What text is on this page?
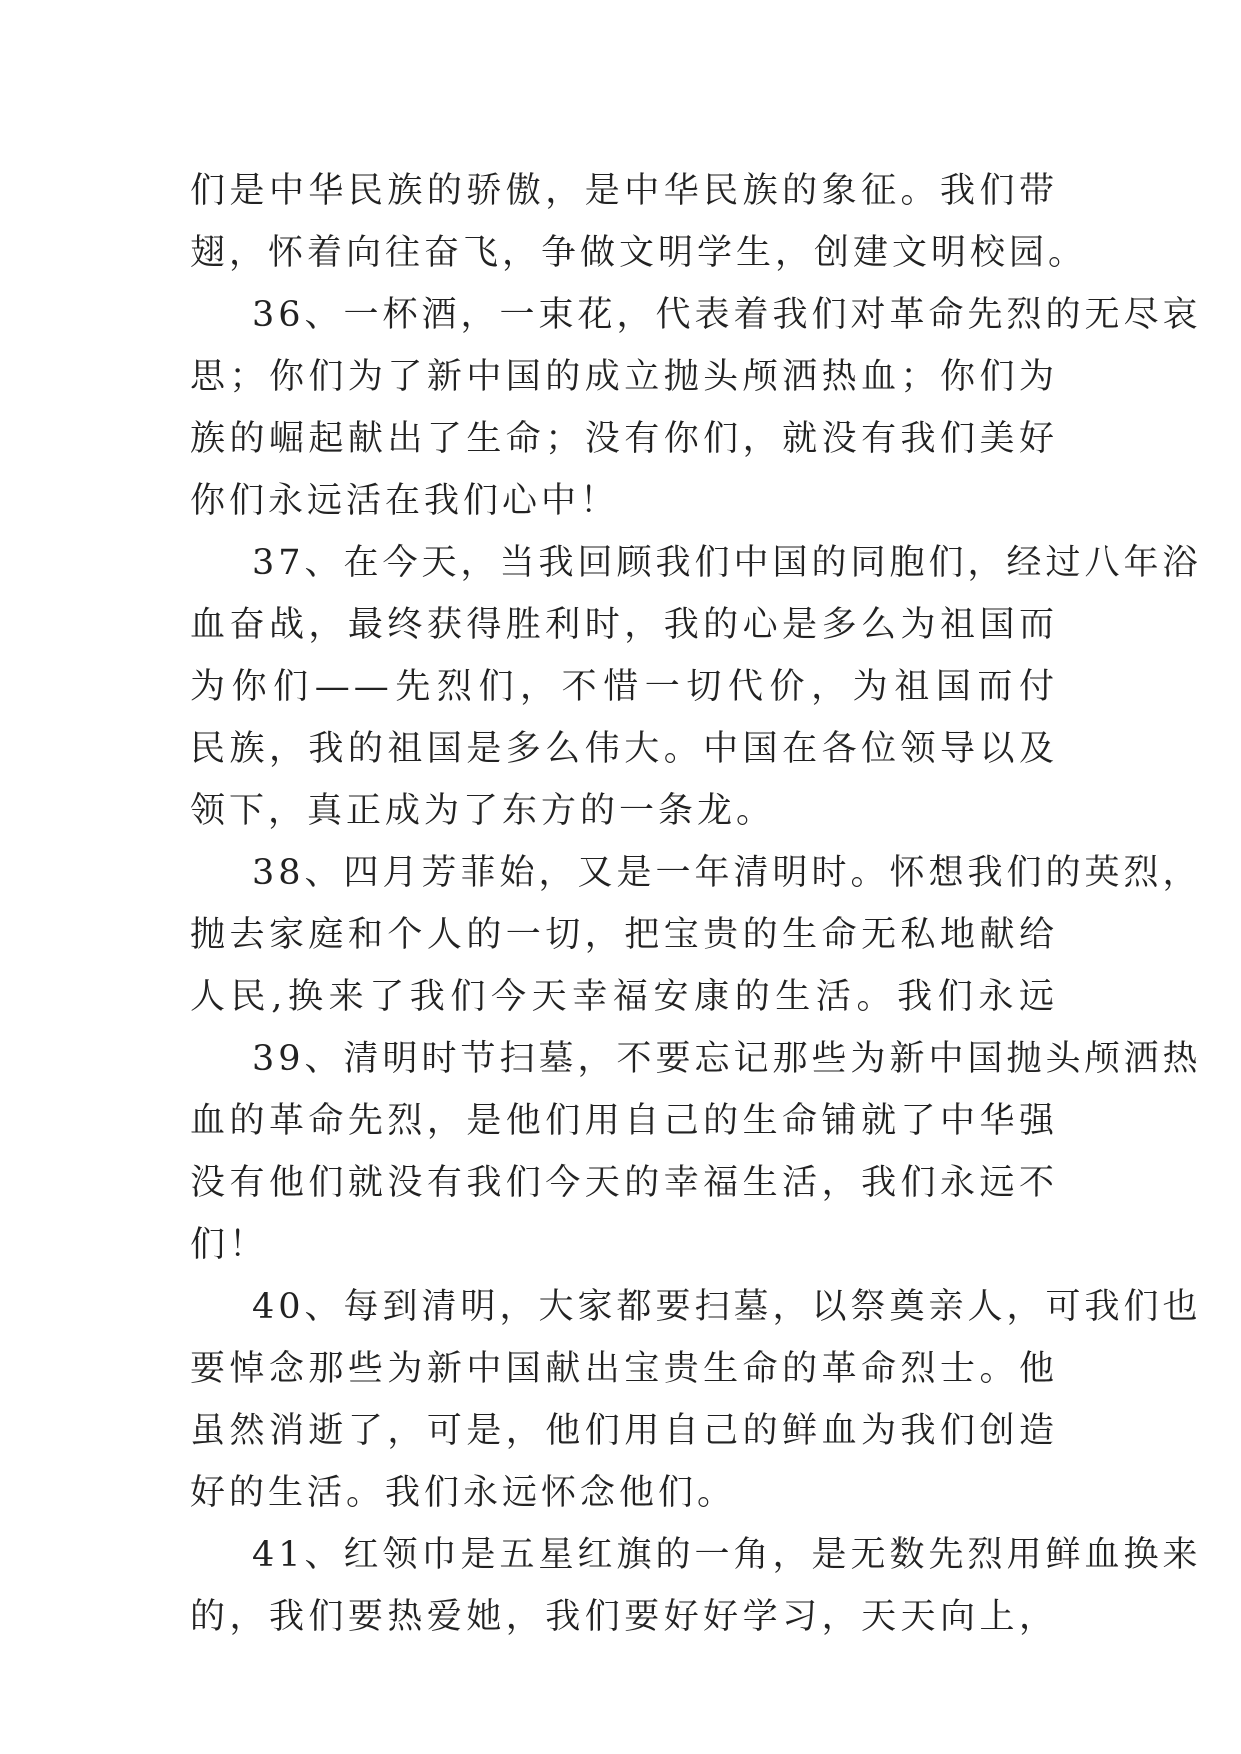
们是中华民族的骄傲，是中华民族的象征。我们带
翅，怀着向往奋飞，争做文明学生，创建文明校园。
36、一杯酒，一束花，代表着我们对革命先烈的无尽哀
思；你们为了新中国的成立抛头颅洒热血；你们为
族的崛起献出了生命；没有你们，就没有我们美好
你们永远活在我们心中！
37、在今天，当我回顾我们中国的同胞们，经过八年浴
血奋战，最终获得胜利时，我的心是多么为祖国而
为你们——先烈们，不惜一切代价，为祖国而付
民族，我的祖国是多么伟大。中国在各位领导以及
领下，真正成为了东方的一条龙。
38、四月芳菲始，又是一年清明时。怀想我们的英烈，
抛去家庭和个人的一切，把宝贵的生命无私地献给
人民,换来了我们今天幸福安康的生活。我们永远
39、清明时节扫墓，不要忘记那些为新中国抛头颅洒热
血的革命先烈，是他们用自己的生命铺就了中华强
没有他们就没有我们今天的幸福生活，我们永远不
们！
40、每到清明，大家都要扫墓，以祭奠亲人，可我们也
要悼念那些为新中国献出宝贵生命的革命烈士。他
虽然消逝了，可是，他们用自己的鲜血为我们创造
好的生活。我们永远怀念他们。
41、红领巾是五星红旗的一角，是无数先烈用鲜血换来
的，我们要热爱她，我们要好好学习，天天向上，
